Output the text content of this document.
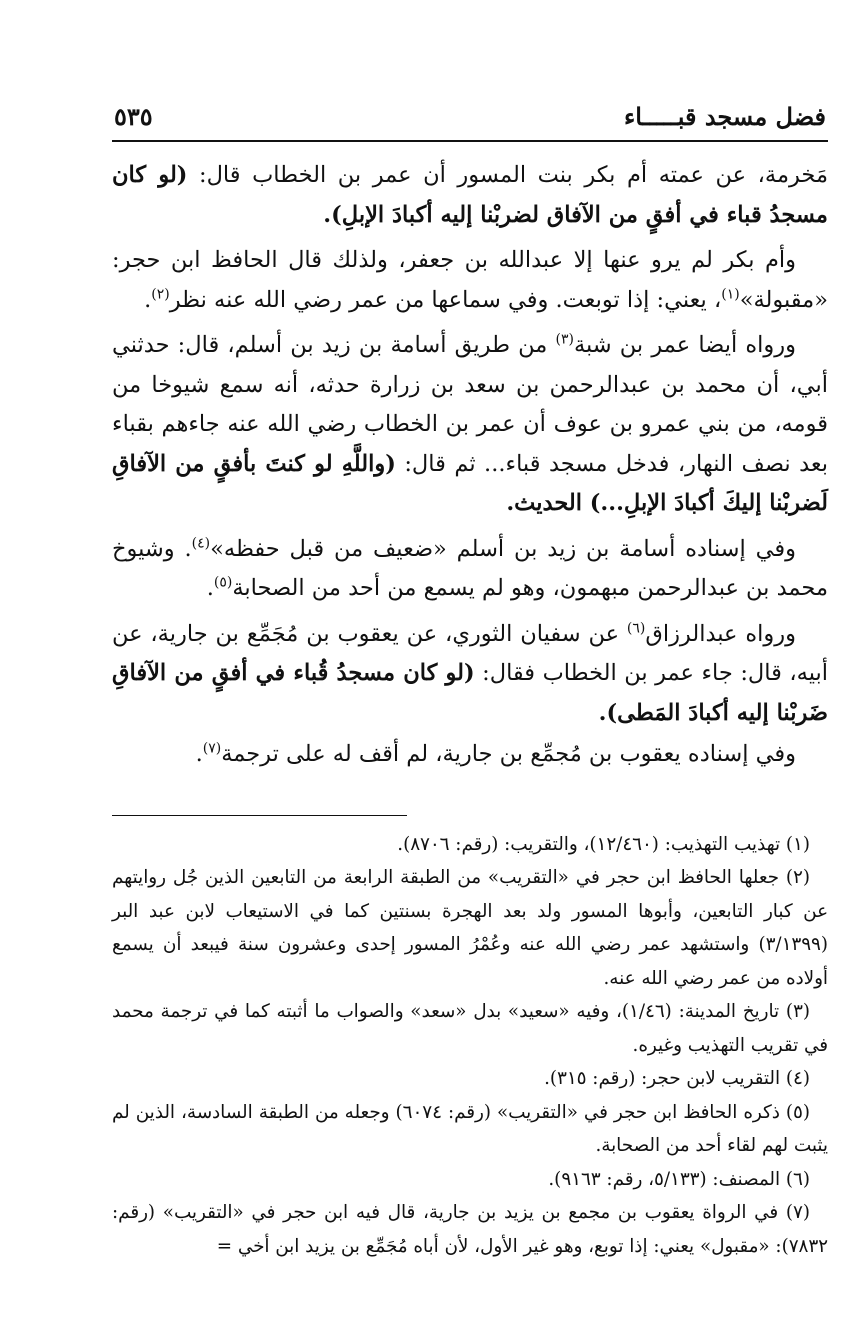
فضل مسجد قبـــــاء
٥٣٥

مَخرمة، عن عمته أم بكر بنت المسور أن عمر بن الخطاب قال: (لو كان مسجدُ قباء في أفقٍ من الآفاق لضربْنا إليه أكبادَ الإبلِ).

وأم بكر لم يرو عنها إلا عبدالله بن جعفر، ولذلك قال الحافظ ابن حجر: «مقبولة»$^{(١)}$، يعني: إذا توبعت. وفي سماعها من عمر رضي الله عنه نظر$^{(٢)}$.

ورواه أيضا عمر بن شبة$^{(٣)}$ من طريق أسامة بن زيد بن أسلم، قال: حدثني أبي، أن محمد بن عبدالرحمن بن سعد بن زرارة حدثه، أنه سمع شيوخا من قومه، من بني عمرو بن عوف أن عمر بن الخطاب رضي الله عنه جاءهم بقباء بعد نصف النهار، فدخل مسجد قباء... ثم قال: (واللَّهِ لو كنتَ بأفقٍ من الآفاقِ لَضربْنا إليكَ أكبادَ الإبلِ...) الحديث.

وفي إسناده أسامة بن زيد بن أسلم «ضعيف من قبل حفظه»$^{(٤)}$. وشيوخ محمد بن عبدالرحمن مبهمون، وهو لم يسمع من أحد من الصحابة$^{(٥)}$.

ورواه عبدالرزاق$^{(٦)}$ عن سفيان الثوري، عن يعقوب بن مُجَمِّع بن جارية، عن أبيه، قال: جاء عمر بن الخطاب فقال: (لو كان مسجدُ قُباء في أفقٍ من الآفاقِ ضَربْنا إليه أكبادَ المَطى).

وفي إسناده يعقوب بن مُجمِّع بن جارية، لم أقف له على ترجمة$^{(٧)}$.

(١) تهذيب التهذيب: (١٢/٤٦٠)، والتقريب: (رقم: ٨٧٠٦).

(٢) جعلها الحافظ ابن حجر في «التقريب» من الطبقة الرابعة من التابعين الذين جُل روايتهم عن كبار التابعين، وأبوها المسور ولد بعد الهجرة بسنتين كما في الاستيعاب لابن عبد البر (٣/١٣٩٩) واستشهد عمر رضي الله عنه وعُمْرُ المسور إحدى وعشرون سنة فيبعد أن يسمع أولاده من عمر رضي الله عنه.

(٣) تاريخ المدينة: (١/٤٦)، وفيه «سعيد» بدل «سعد» والصواب ما أثبته كما في ترجمة محمد في تقريب التهذيب وغيره.

(٤) التقريب لابن حجر: (رقم: ٣١٥).

(٥) ذكره الحافظ ابن حجر في «التقريب» (رقم: ٦٠٧٤) وجعله من الطبقة السادسة، الذين لم يثبت لهم لقاء أحد من الصحابة.

(٦) المصنف: (٥/١٣٣، رقم: ٩١٦٣).

(٧) في الرواة يعقوب بن مجمع بن يزيد بن جارية، قال فيه ابن حجر في «التقريب» (رقم: ٧٨٣٢): «مقبول» يعني: إذا توبع، وهو غير الأول، لأن أباه مُجَمِّع بن يزيد ابن أخي =
